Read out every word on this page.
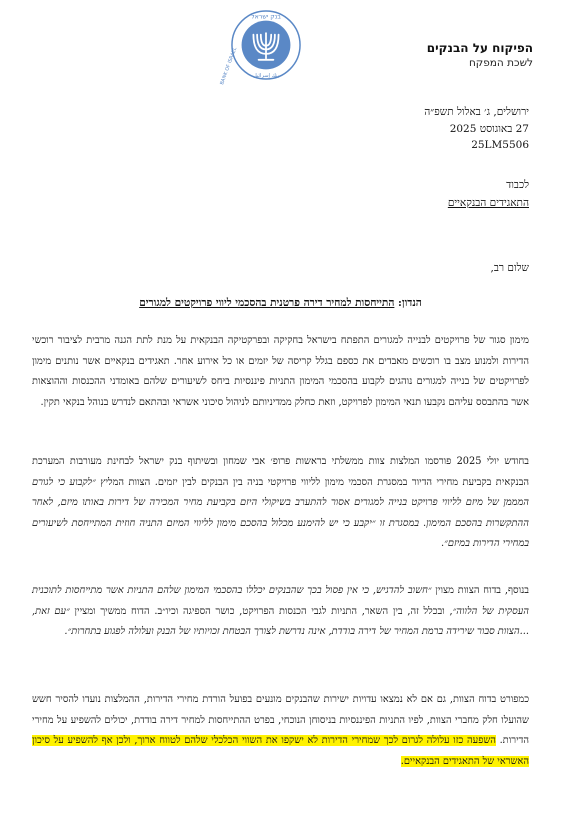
בנק ישראל
BANK OF ISRAEL بنك إسرائيل
הפיקוח על הבנקים
לשכת המפקח
ירושלים, ג׳ באלול תשפ״ה
27 באוגוסט 2025
25LM5506
לכבוד
התאגידים הבנקאיים
שלום רב,
הנדון: התייחסות למחיר דירה פרטנית בהסכמי ליווי פרויקטים למגורים

מימון סגור של פרויקטים לבנייה למגורים התפתח בישראל בחקיקה ובפרקטיקה הבנקאית על מנת לתת הגנה מרבית לציבור רוכשי הדירות ולמנוע מצב בו רוכשים מאבדים את כספם בגלל קריסה של יזמים או כל אירוע אחר. תאגידים בנקאיים אשר נותנים מימון לפרויקטים של בנייה למגורים נוהגים לקבוע בהסכמי המימון התניות פיננסיות ביחס לשיעורים שלהם באומדני ההכנסות וההוצאות אשר בהתבסס עליהם נקבעו תנאי המימון לפרויקט, וזאת כחלק ממדיניותם לניהול סיכוני אשראי ובהתאם לנדרש בנוהל בנקאי תקין.

בחודש יולי 2025 פורסמו המלצות צוות ממשלתי בראשות פרופ׳ אבי שמחון ובשיתוף בנק ישראל לבחינת מעורבות המערכת הבנקאית בקביעת מחירי הדיור במסגרת הסכמי מימון לליווי פרויקטי בניה בין הבנקים לבין יזמים. הצוות המליץ ״לקבוע כי לגורם המממן של מיזם לליווי פרויקט בנייה למגורים אסור להתערב בשיקולי היזם בקביעת מחיר המכירה של דירות באותו מיזם, לאחר ההתקשרות בהסכם המימון. במסגרת זו ״יקבע כי יש להימנע מכלול בהסכם מימון לליווי המיזם התניה חוזית המתייחסת לשיעורים במחירי הדירות במיזם״.

בנוסף, בדוח הצוות מצוין ״חשוב להדגיש, כי אין פסול בכך שהבנקים יכללו בהסכמי המימון שלהם התניות אשר מתייחסות לתוכנית העסקית של הלווה״, ובכלל זה, בין השאר, התניות לגבי הכנסות הפרויקט, כושר הספיגה וכיו״ב. הדוח ממשיך ומציין ״עם זאת, ...הצוות סבור שירידה ברמת המחיר של דירה בודדת, אינה נדרשת לצורך הבטחת זכויותיו של הבנק ועלולה לפגוע בתחרות״.

כמפורט בדוח הצוות, גם אם לא נמצאו עדויות ישירות שהבנקים מונעים בפועל הורדת מחירי הדירות, ההמלצות נועדו להסיר חשש שהועלו חלק מחברי הצוות, לפיו התניות הפיננסיות בניסוחן הנוכחי, בפרט ההתייחסות למחיר דירה בודדת, יכולים להשפיע על מחירי הדירות. השפעה כזו עלולה לגרום לכך שמחירי הדירות לא ישקפו את השווי הכלכלי שלהם לטווח ארוך, ולכן אף להשפיע על סיכון האשראי של התאגידים הבנקאיים.
